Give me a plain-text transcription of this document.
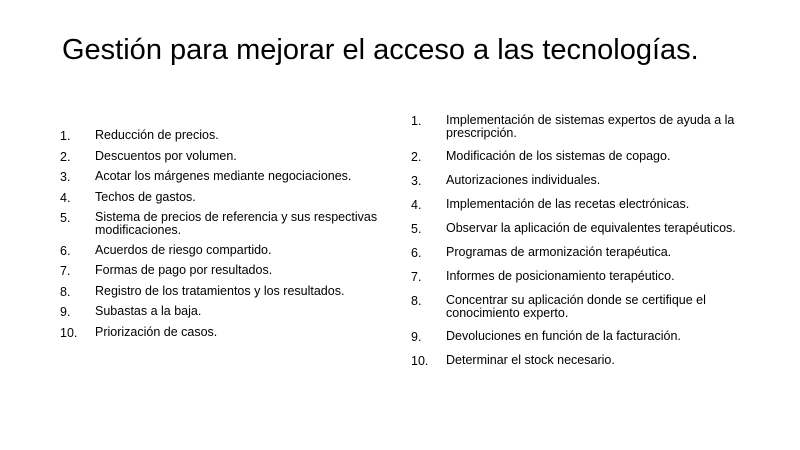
Gestión para mejorar el acceso a las tecnologías.
1.	Reducción de precios.
2.	Descuentos por volumen.
3.	Acotar los márgenes mediante negociaciones.
4.	Techos de gastos.
5.	Sistema de precios de referencia y sus respectivas modificaciones.
6.	Acuerdos de riesgo compartido.
7.	Formas de pago por resultados.
8.	Registro de los tratamientos y los resultados.
9.	Subastas a la baja.
10.	Priorización de casos.
1.	Implementación de sistemas expertos de ayuda a la prescripción.
2.	Modificación de los sistemas de copago.
3.	Autorizaciones individuales.
4.	Implementación de las recetas electrónicas.
5.	Observar la aplicación de equivalentes terapéuticos.
6.	Programas de armonización terapéutica.
7.	Informes de posicionamiento terapéutico.
8.	Concentrar su aplicación donde se certifique el conocimiento experto.
9.	Devoluciones en función de la facturación.
10.	Determinar el stock necesario.
